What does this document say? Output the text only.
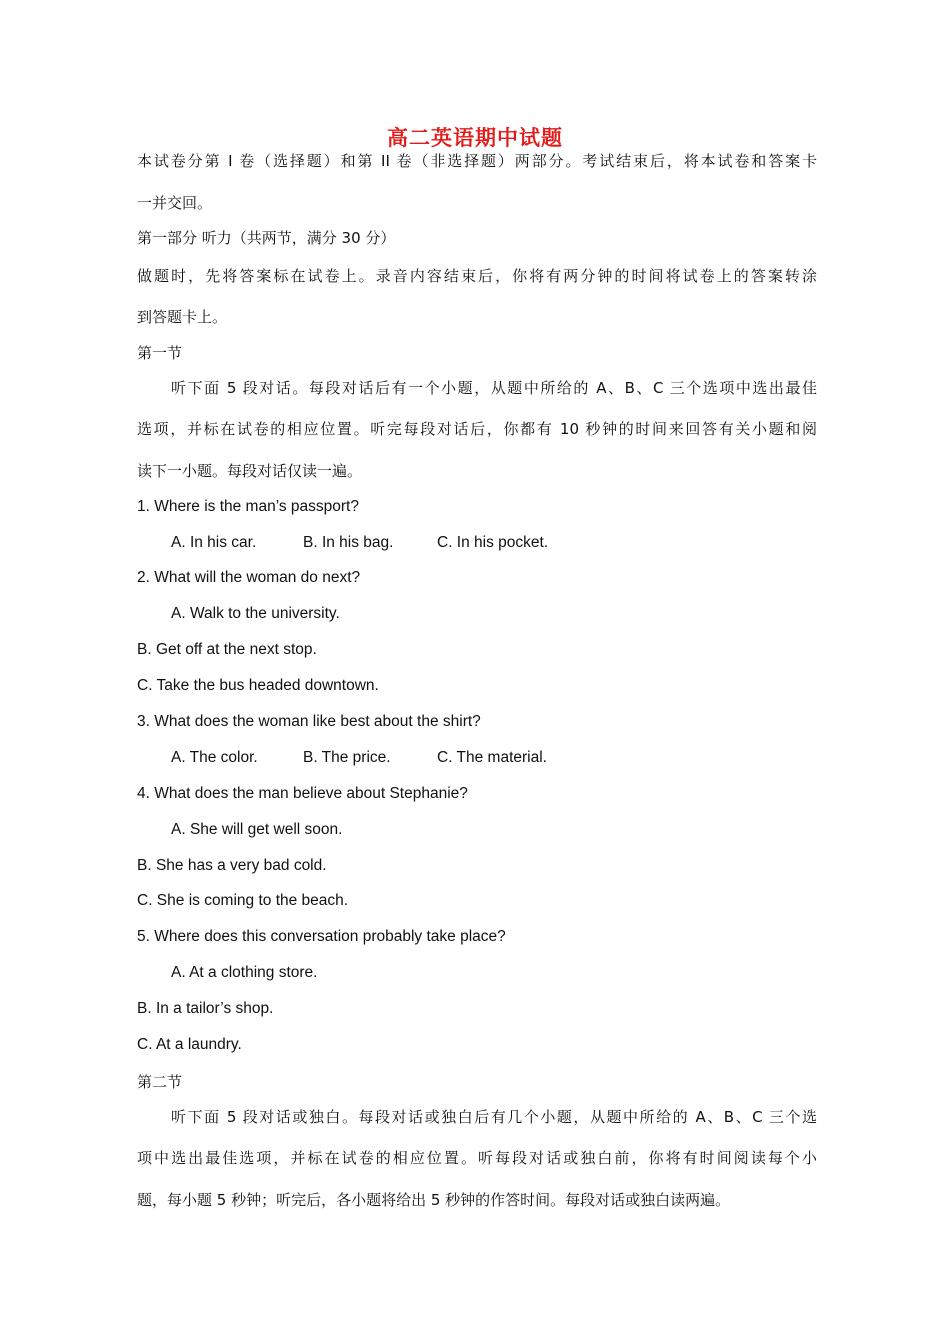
高二英语期中试题
本试卷分第 I 卷（选择题）和第 II 卷（非选择题）两部分。考试结束后，将本试卷和答案卡
一并交回。
第一部分 听力（共两节，满分 30 分）
做题时，先将答案标在试卷上。录音内容结束后，你将有两分钟的时间将试卷上的答案转涂
到答题卡上。
第一节
听下面 5 段对话。每段对话后有一个小题，从题中所给的 A、B、C 三个选项中选出最佳
选项，并标在试卷的相应位置。听完每段对话后，你都有 10 秒钟的时间来回答有关小题和阅
读下一小题。每段对话仅读一遍。
1. Where is the man’s passport?
A. In his car.	B. In his bag.	C. In his pocket.
2. What will the woman do next?
A. Walk to the university.
B. Get off at the next stop.
C. Take the bus headed downtown.
3. What does the woman like best about the shirt?
A. The color.	B. The price.	C. The material.
4. What does the man believe about Stephanie?
A. She will get well soon.
B. She has a very bad cold.
C. She is coming to the beach.
5. Where does this conversation probably take place?
A. At a clothing store.
B. In a tailor’s shop.
C. At a laundry.
第二节
听下面 5 段对话或独白。每段对话或独白后有几个小题，从题中所给的 A、B、C 三个选
项中选出最佳选项，并标在试卷的相应位置。听每段对话或独白前，你将有时间阅读每个小
题，每小题 5 秒钟；听完后，各小题将给出 5 秒钟的作答时间。每段对话或独白读两遍。
